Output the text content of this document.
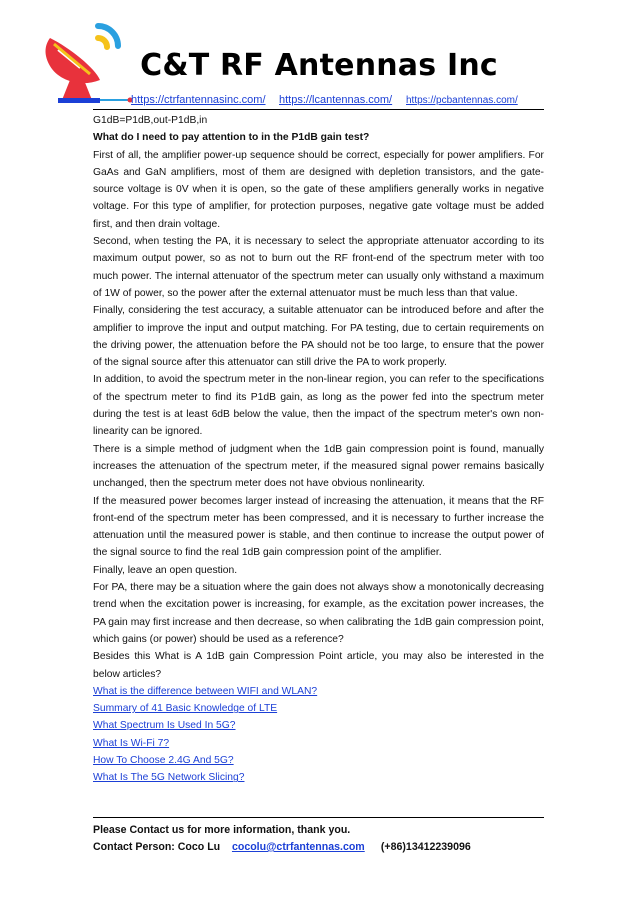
C&T RF Antennas Inc
https://ctrfantennasinc.com/ https://lcantennas.com/ https://pcbantennas.com/

G1dB=P1dB,out-P1dB,in

What do I need to pay attention to in the P1dB gain test?

First of all, the amplifier power-up sequence should be correct, especially for power amplifiers. For GaAs and GaN amplifiers, most of them are designed with depletion transistors, and the gate-source voltage is 0V when it is open, so the gate of these amplifiers generally works in negative voltage. For this type of amplifier, for protection purposes, negative gate voltage must be added first, and then drain voltage.

Second, when testing the PA, it is necessary to select the appropriate attenuator according to its maximum output power, so as not to burn out the RF front-end of the spectrum meter with too much power. The internal attenuator of the spectrum meter can usually only withstand a maximum of 1W of power, so the power after the external attenuator must be much less than that value.

Finally, considering the test accuracy, a suitable attenuator can be introduced before and after the amplifier to improve the input and output matching. For PA testing, due to certain requirements on the driving power, the attenuation before the PA should not be too large, to ensure that the power of the signal source after this attenuator can still drive the PA to work properly.

In addition, to avoid the spectrum meter in the non-linear region, you can refer to the specifications of the spectrum meter to find its P1dB gain, as long as the power fed into the spectrum meter during the test is at least 6dB below the value, then the impact of the spectrum meter's own non-linearity can be ignored.

There is a simple method of judgment when the 1dB gain compression point is found, manually increases the attenuation of the spectrum meter, if the measured signal power remains basically unchanged, then the spectrum meter does not have obvious nonlinearity.

If the measured power becomes larger instead of increasing the attenuation, it means that the RF front-end of the spectrum meter has been compressed, and it is necessary to further increase the attenuation until the measured power is stable, and then continue to increase the output power of the signal source to find the real 1dB gain compression point of the amplifier.

Finally, leave an open question.

For PA, there may be a situation where the gain does not always show a monotonically decreasing trend when the excitation power is increasing, for example, as the excitation power increases, the PA gain may first increase and then decrease, so when calibrating the 1dB gain compression point, which gains (or power) should be used as a reference?

Besides this What is A 1dB gain Compression Point article, you may also be interested in the below articles?

What is the difference between WIFI and WLAN?
Summary of 41 Basic Knowledge of LTE
What Spectrum Is Used In 5G?
What Is Wi-Fi 7?
How To Choose 2.4G And 5G?
What Is The 5G Network Slicing?
Please Contact us for more information, thank you.
Contact Person: Coco Lu cocolu@ctrfantennas.com (+86)13412239096
